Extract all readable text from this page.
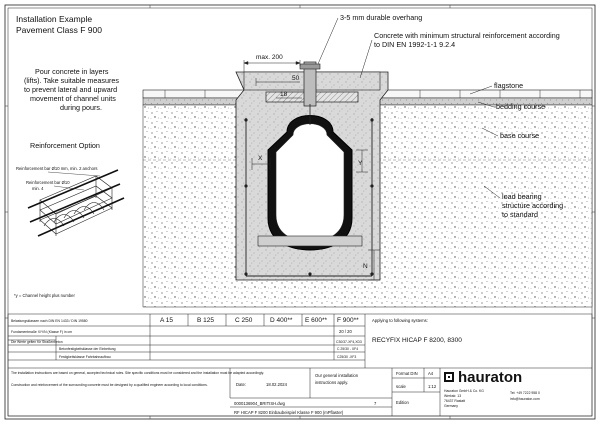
max. 200
50
18
X
Y
N
Installation Example
Pavement Class F 900
3-5 mm durable overhang
Concrete with minimum structural reinforcement according
to DIN EN 1992-1-1 9.2.4
Pour concrete in layers
(lifts). Take suitable measures
to prevent lateral and upward
movement of channel units
during pours.
flagstone
bedding course
base course
load bearing
structure according
to standard
Reinforcement Option
Reinforcement bar Ø10 mm, min. 2 anchors
Reinforcement bar Ø10
min. 4
*y = Channel height plus number
Belastungsklassen nach DIN EN 1433 / DIN 19580	A 15	B 125	C 250	D 400** E 600** F 900**
Fundamentmaße X/Y/N (Klasse F) in cm	20 / 20
Die Werte gelten für Straßenbeton	C30/37-XF4,XD3
Betonfestigkeitsklasse der Einbettung	C 25/30 - XF4
Festigkeitsklasse Fahrbahnaufbau	C25/30 -XF3
Applying to following systems:
RECYFIX HICAP F 8200, 8300
The installation instructions are based on general, accepted technical rules. Site specific conditions must be considered and the installation must be adapted accordingly.
Construction and reinforcement of the surrounding concrete must be designed by a qualified engineer according to local conditions.	Date:	18.02.2024
Our general installation
instructions apply.
0000136904_BRITISH.dwg	7
RF HICAP F 8200 Einbaubeispiel Klasse F 900 (mPflaster)
Format DIN A4
scale	1:12
Edition
hauraton
Hauraton GmbH & Co. KG
Werkstr. 13
76437 Rastatt
Germany
Tel: +49 7222 958 0
info@hauraton.com
